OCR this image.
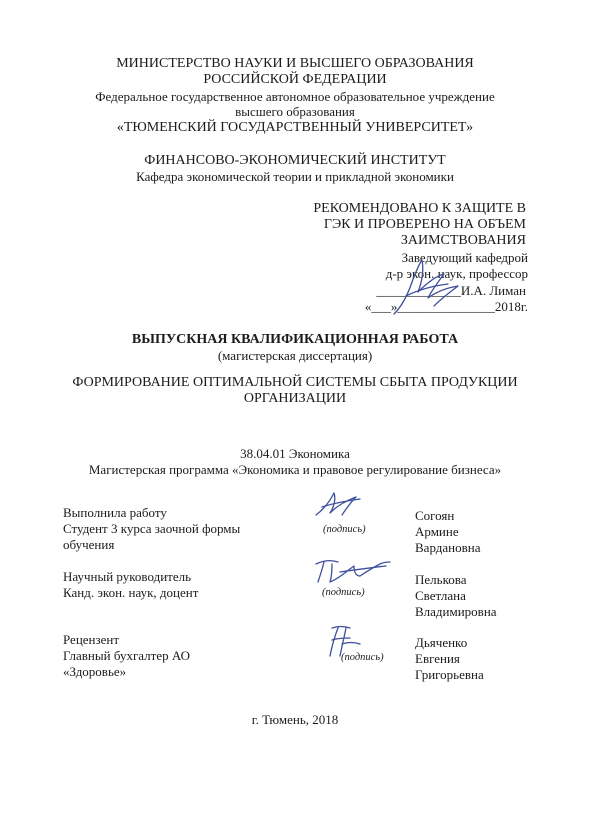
МИНИСТЕРСТВО НАУКИ И ВЫСШЕГО ОБРАЗОВАНИЯ
РОССИЙСКОЙ ФЕДЕРАЦИИ
Федеральное государственное автономное образовательное учреждение
высшего образования
«ТЮМЕНСКИЙ ГОСУДАРСТВЕННЫЙ УНИВЕРСИТЕТ»
ФИНАНСОВО-ЭКОНОМИЧЕСКИЙ ИНСТИТУТ
Кафедра экономической теории и прикладной экономики
РЕКОМЕНДОВАНО К ЗАЩИТЕ В
ГЭК И ПРОВЕРЕНО НА ОБЪЕМ
ЗАИМСТВОВАНИЯ
Заведующий кафедрой
д-р экон. наук, профессор
_____________И.А. Лиман
«___»_______________2018г.
ВЫПУСКНАЯ КВАЛИФИКАЦИОННАЯ РАБОТА
(магистерская диссертация)
ФОРМИРОВАНИЕ ОПТИМАЛЬНОЙ СИСТЕМЫ СБЫТА ПРОДУКЦИИ
ОРГАНИЗАЦИИ
38.04.01 Экономика
Магистерская программа «Экономика и правовое регулирование бизнеса»
Выполнила работу
Студент 3 курса заочной формы
обучения
(подпись)
Согоян
Армине
Вардановна
Научный руководитель
Канд. экон. наук, доцент	(подпись)
Пелькова
Светлана
Владимировна
Рецензент
Главный бухгалтер АО
«Здоровье»
(подпись)
Дьяченко
Евгения
Григорьевна
г. Тюмень, 2018
